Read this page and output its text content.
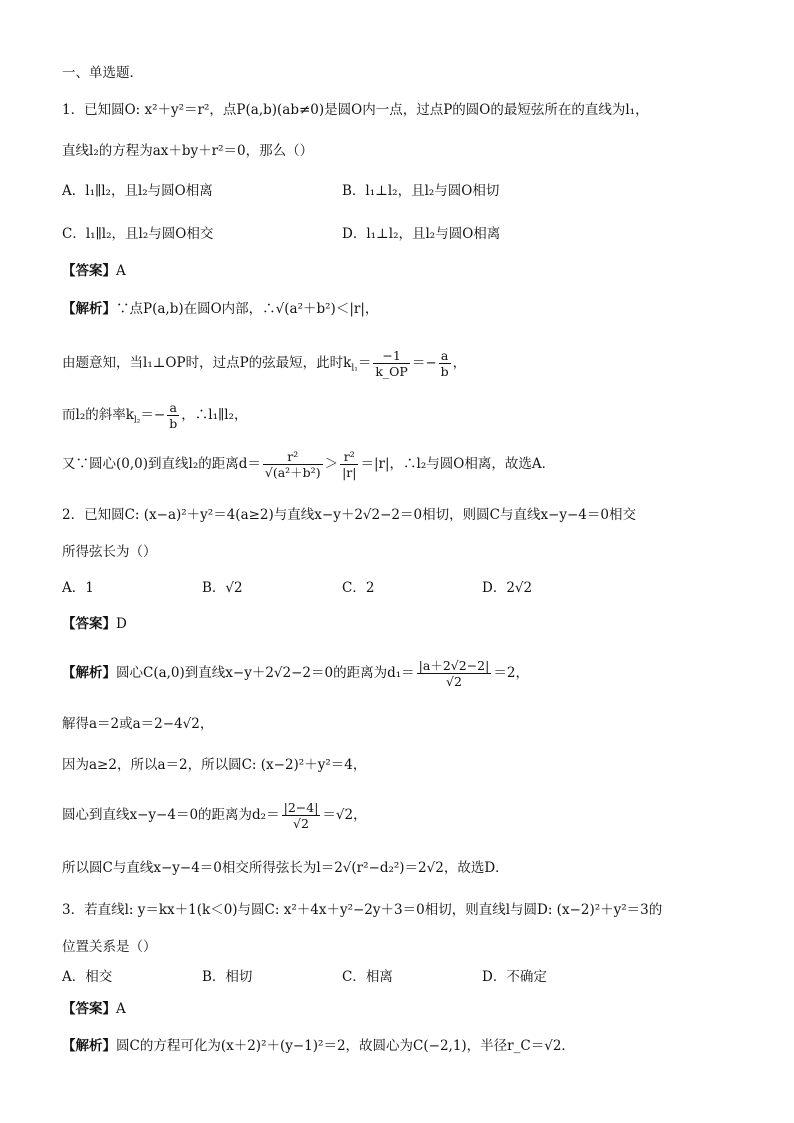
一、单选题．
1．已知圆O: x²＋y²＝r²，点P(a,b)(ab≠0)是圆O内一点，过点P的圆O的最短弦所在的直线为l₁，
直线l₂的方程为ax＋by＋r²＝0，那么（）
A．l₁∥l₂，且l₂与圆O相离	B．l₁⊥l₂，且l₂与圆O相切
C．l₁∥l₂，且l₂与圆O相交	D．l₁⊥l₂，且l₂与圆O相离
【答案】A
【解析】∵点P(a,b)在圆O内部，∴√(a²＋b²)＜|r|，
由题意知，当l₁⊥OP时，过点P的弦最短，此时$k_{l_1}= \frac{-1}{k\_OP} =- \frac{a}{b}$ ，
而l₂的斜率$k_{l_2}=- \frac{a}{b}$ ，∴l₁∥l₂，
又∵圆心(0,0)到直线l₂的距离$d= \frac{\text{r²}}{\text{√(a²＋b²)}} > \frac{\text{r²}}{|r|} =|r|$，∴l₂与圆O相离，故选A．
2．已知圆C: (x−a)²＋y²＝4(a≥2)与直线x−y＋2√2−2＝0相切，则圆C与直线x−y−4＝0相交
所得弦长为（）
A．1	B．√2	C．2	D．2√2
【答案】D
【解析】圆心C(a,0)到直线x−y＋2√2−2＝0的距离为$d_1= \frac{|a+2√2-2|}{√2} =2$，
解得a＝2或a＝2−4√2，
因为a≥2，所以a＝2，所以圆C: (x−2)²＋y²＝4，
圆心到直线x−y−4＝0的距离为$d_2= \frac{|2-4|}{√2} =√2$，
所以圆C与直线x−y−4＝0相交所得弦长为l＝2√(r²−d₂²)＝2√2，故选D．
3．若直线l: y＝kx＋1(k＜0)与圆C: x²＋4x＋y²−2y＋3＝0相切，则直线l与圆D: (x−2)²＋y²＝3的
位置关系是（）
A．相交	B．相切	C．相离	D．不确定
【答案】A
【解析】圆C的方程可化为(x＋2)²＋(y−1)²＝2，故圆心为C(−2,1)，半径r_C＝√2．
